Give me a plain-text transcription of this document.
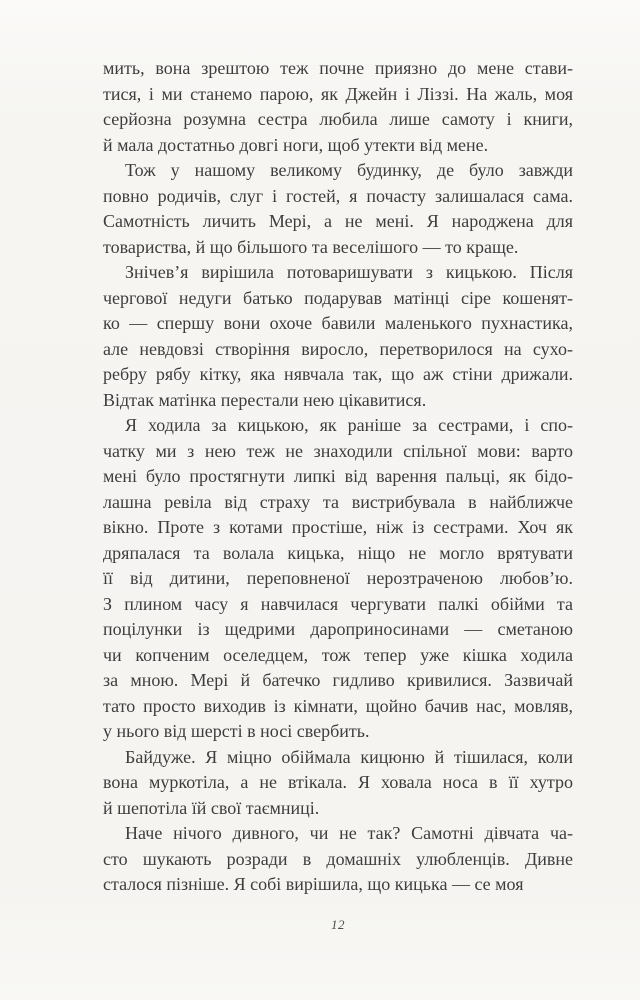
мить, вона зрештою теж почне приязно до мене стави-
тися, і ми станемо парою, як Джейн і Ліззі. На жаль, моя
серйозна розумна сестра любила лише самоту і книги,
й мала достатньо довгі ноги, щоб утекти від мене.
Тож у нашому великому будинку, де було завжди
повно родичів, слуг і гостей, я почасту залишалася сама.
Самотність личить Мері, а не мені. Я народжена для
товариства, й що більшого та веселішого — то краще.
Знічев’я вирішила потоваришувати з кицькою. Після
чергової недуги батько подарував матінці сіре кошенят-
ко — спершу вони охоче бавили маленького пухнастика,
але невдовзі створіння виросло, перетворилося на сухо-
ребру рябу кітку, яка нявчала так, що аж стіни дрижали.
Відтак матінка перестали нею цікавитися.
Я ходила за кицькою, як раніше за сестрами, і спо-
чатку ми з нею теж не знаходили спільної мови: варто
мені було простягнути липкі від варення пальці, як бідо-
лашна ревіла від страху та вистрибувала в найближче
вікно. Проте з котами простіше, ніж із сестрами. Хоч як
дряпалася та волала кицька, ніщо не могло врятувати
її від дитини, переповненої нерозтраченою любов’ю.
З плином часу я навчилася чергувати палкі обійми та
поцілунки із щедрими дароприносинами — сметаною
чи копченим оселедцем, тож тепер уже кішка ходила
за мною. Мері й батечко гидливо кривилися. Зазвичай
тато просто виходив із кімнати, щойно бачив нас, мовляв,
у нього від шерсті в носі свербить.
Байдуже. Я міцно обіймала кицюню й тішилася, коли
вона муркотіла, а не втікала. Я ховала носа в її хутро
й шепотіла їй свої таємниці.
Наче нічого дивного, чи не так? Самотні дівчата ча-
сто шукають розради в домашніх улюбленців. Дивне
сталося пізніше. Я собі вирішила, що кицька — се моя
12
